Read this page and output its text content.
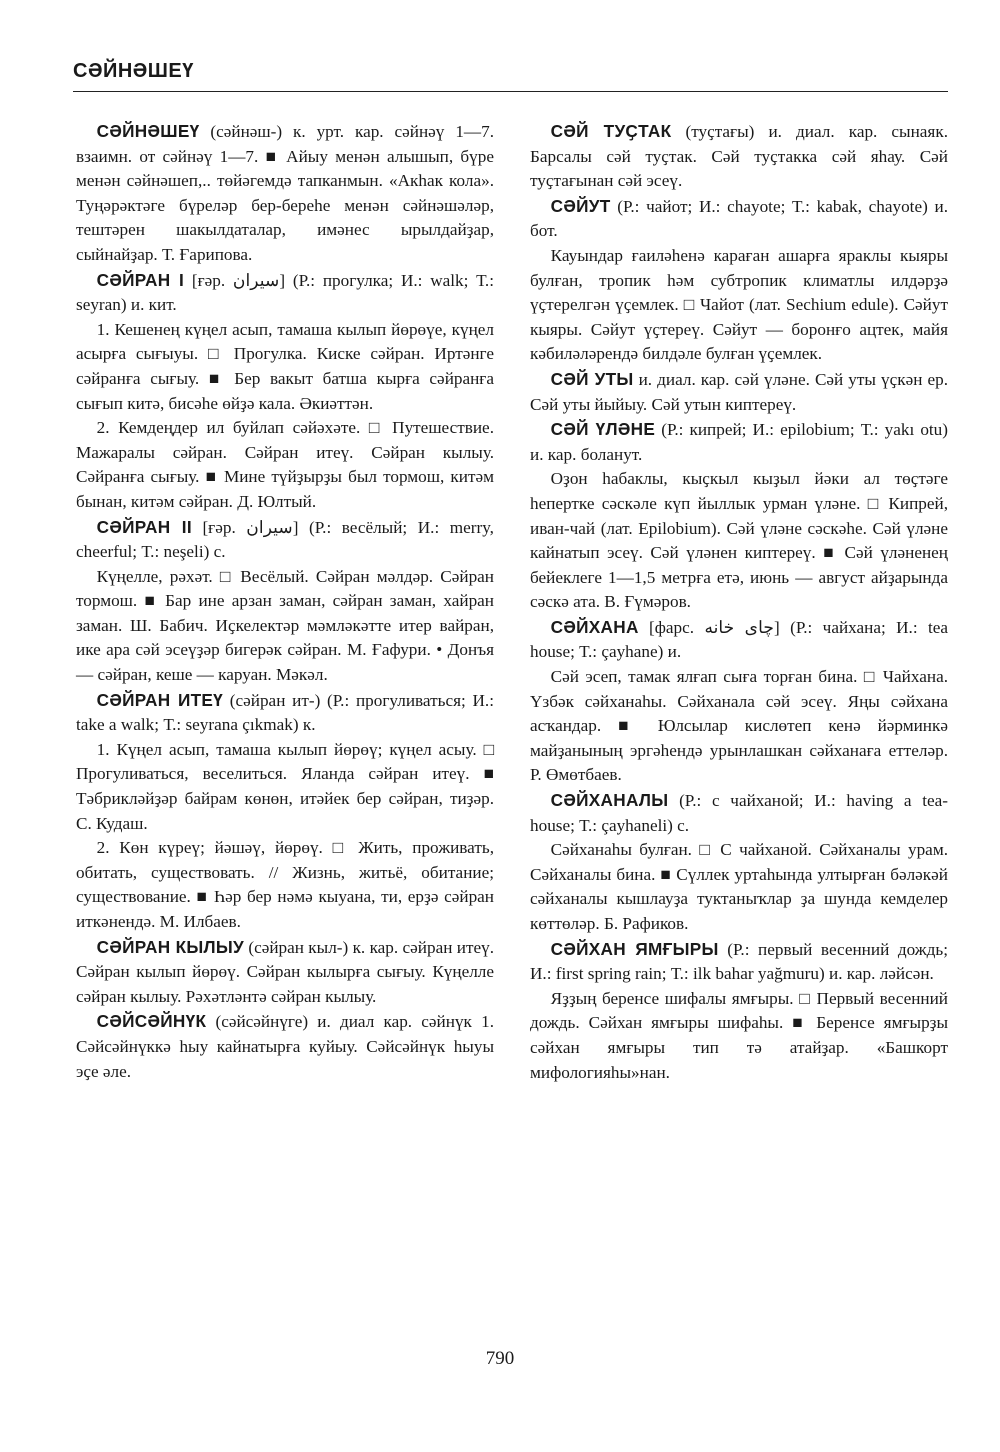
СӘЙНӘШЕҮ

СӘЙНӘШЕҮ (сәйнәш-) к. урт. кар. сәйнәү 1—7. взаимн. от сәйнәү 1—7. ■ Айыу менән алышып, бүре менән сәйнәшеп,.. төйәгемдә тапканмын. «Акһак кола». Туңәрәктәге бүреләр бер-береһе менән сәйнәшәләр, тештәрен шакылдаталар, имәнес ырылдайҙар, сыйнайҙар. Т. Ғарипова.

СӘЙРАН I [ғәр. سيران] (Р.: прогулка; И.: walk; Т.: seyran) и. кит.

1. Кешенең күңел асып, тамаша кылып йөрөүе, күңел асырға сығыуы. □ Прогулка. Киске сәйран. Иртәнге сәйранға сығыу. ■ Бер вакыт батша кырға сәйранға сығып китә, бисәһе өйҙә кала. Әкиәттән.

2. Кемдеңдер ил буйлап сәйәхәте. □ Путешествие. Мажаралы сәйран. Сәйран итеү. Сәйран кылыу. Сәйранға сығыу. ■ Мине түйҙырҙы был тормош, китәм бынан, китәм сәйран. Д. Юлтый.

СӘЙРАН II [ғәр. سيران] (Р.: весёлый; И.: merry, cheerful; Т.: neşeli) с.

Күңелле, рәхәт. □ Весёлый. Сәйран мәлдәр. Сәйран тормош. ■ Бар ине арзан заман, сәйран заман, хайран заман. Ш. Бабич. Иҫкелектәр мәмләкәтте итер вайран, ике ара сәй эсеүҙәр бигерәк сәйран. М. Ғафури. • Донъя — сәйран, кеше — каруан. Мәкәл.

СӘЙРАН ИТЕҮ (сәйран ит-) (Р.: прогуливаться; И.: take a walk; Т.: seyrana çıkmak) к.

1. Күңел асып, тамаша кылып йөрөү; күңел асыу. □ Прогуливаться, веселиться. Яланда сәйран итеү. ■ Тәбрикләйҙәр байрам көнөн, итәйек бер сәйран, тиҙәр. С. Кудаш.

2. Көн күреү; йәшәү, йөрөү. □ Жить, проживать, обитать, существовать. // Жизнь, житьё, обитание; существование. ■ Һәр бер нәмә кыуана, ти, ерҙә сәйран иткәнендә. М. Илбаев.

СӘЙРАН КЫЛЫУ (сәйран кыл-) к. кар. сәйран итеү. Сәйран кылып йөрөү. Сәйран кылырға сығыу. Күңелле сәйран кылыу. Рәхәтләнтә сәйран кылыу.

СӘЙСӘЙНҮК (сәйсәйнүге) и. диал кар. сәйнүк 1. Сәйсәйнүккә һыу кайнатырға куйыу. Сәйсәйнүк һыуы эҫе әле.

СӘЙ ТУҪТАК (туҫтағы) и. диал. кар. сынаяк. Барсалы сәй туҫтак. Сәй туҫтакка сәй яһау. Сәй туҫтағынан сәй эсеү.

СӘЙУТ (Р.: чайот; И.: chayote; Т.: kabak, chayote) и. бот.

Кауындар ғаиләһенә караған ашарға яраклы кыяры булған, тропик һәм субтропик климатлы илдәрҙә үҫтерелгән үҫемлек. □ Чайот (лат. Sechium edule). Сәйут кыяры. Сәйут үҫтереү. Сәйут — боронғо ацтек, майя кәбиләләрендә билдәле булған үҫемлек.

СӘЙ УТЫ и. диал. кар. сәй үләне. Сәй уты үҫкән ер. Сәй уты йыйыу. Сәй утын киптереү.

СӘЙ ҮЛӘНЕ (Р.: кипрей; И.: epilobium; Т.: yakı otu) и. кар. боланут.

Оҙон һабаклы, кыҫкыл кыҙыл йәки ал төҫтәге һепертке сәскәле күп йыллык урман үләне. □ Кипрей, иван-чай (лат. Epilobium). Сәй үләне сәскәһе. Сәй үләне кайнатып эсеү. Сәй үләнен киптереү. ■ Сәй үләненең бейеклеге 1—1,5 метрға етә, июнь — август айҙарында сәскә ата. В. Ғүмәров.

СӘЙХАНА [фарс. چای خانه] (Р.: чайхана; И.: tea house; Т.: çayhane) и.

Сәй эсеп, тамак ялғап сыға торған бина. □ Чайхана. Үзбәк сәйханаһы. Сәйханала сәй эсеү. Яңы сәйхана асҡандар. ■ Юлсылар кислөтеп кенә йәрминкә майҙанының эргәһендә урынлашкан сәйханаға еттеләр. Р. Өмөтбаев.

СӘЙХАНАЛЫ (Р.: с чайханой; И.: having a tea-house; Т.: çayhaneli) с.

Сәйханаһы булған. □ С чайханой. Сәйханалы урам. Сәйханалы бина. ■ Сүллек уртаһында ултырған бәләкәй сәйханалы кышлауҙа туктаныҡлар ҙа шунда кемделер көттөләр. Б. Рафиков.

СӘЙХАН ЯМҒЫРЫ (Р.: первый весенний дождь; И.: first spring rain; Т.: ilk bahar yağmuru) и. кар. ләйсән.

Яҙҙың беренсе шифалы ямғыры. □ Первый весенний дождь. Сәйхан ямғыры шифаһы. ■ Беренсе ямғырҙы сәйхан ямғыры тип тә атайҙар. «Башкорт мифологияһы»нан.

790
